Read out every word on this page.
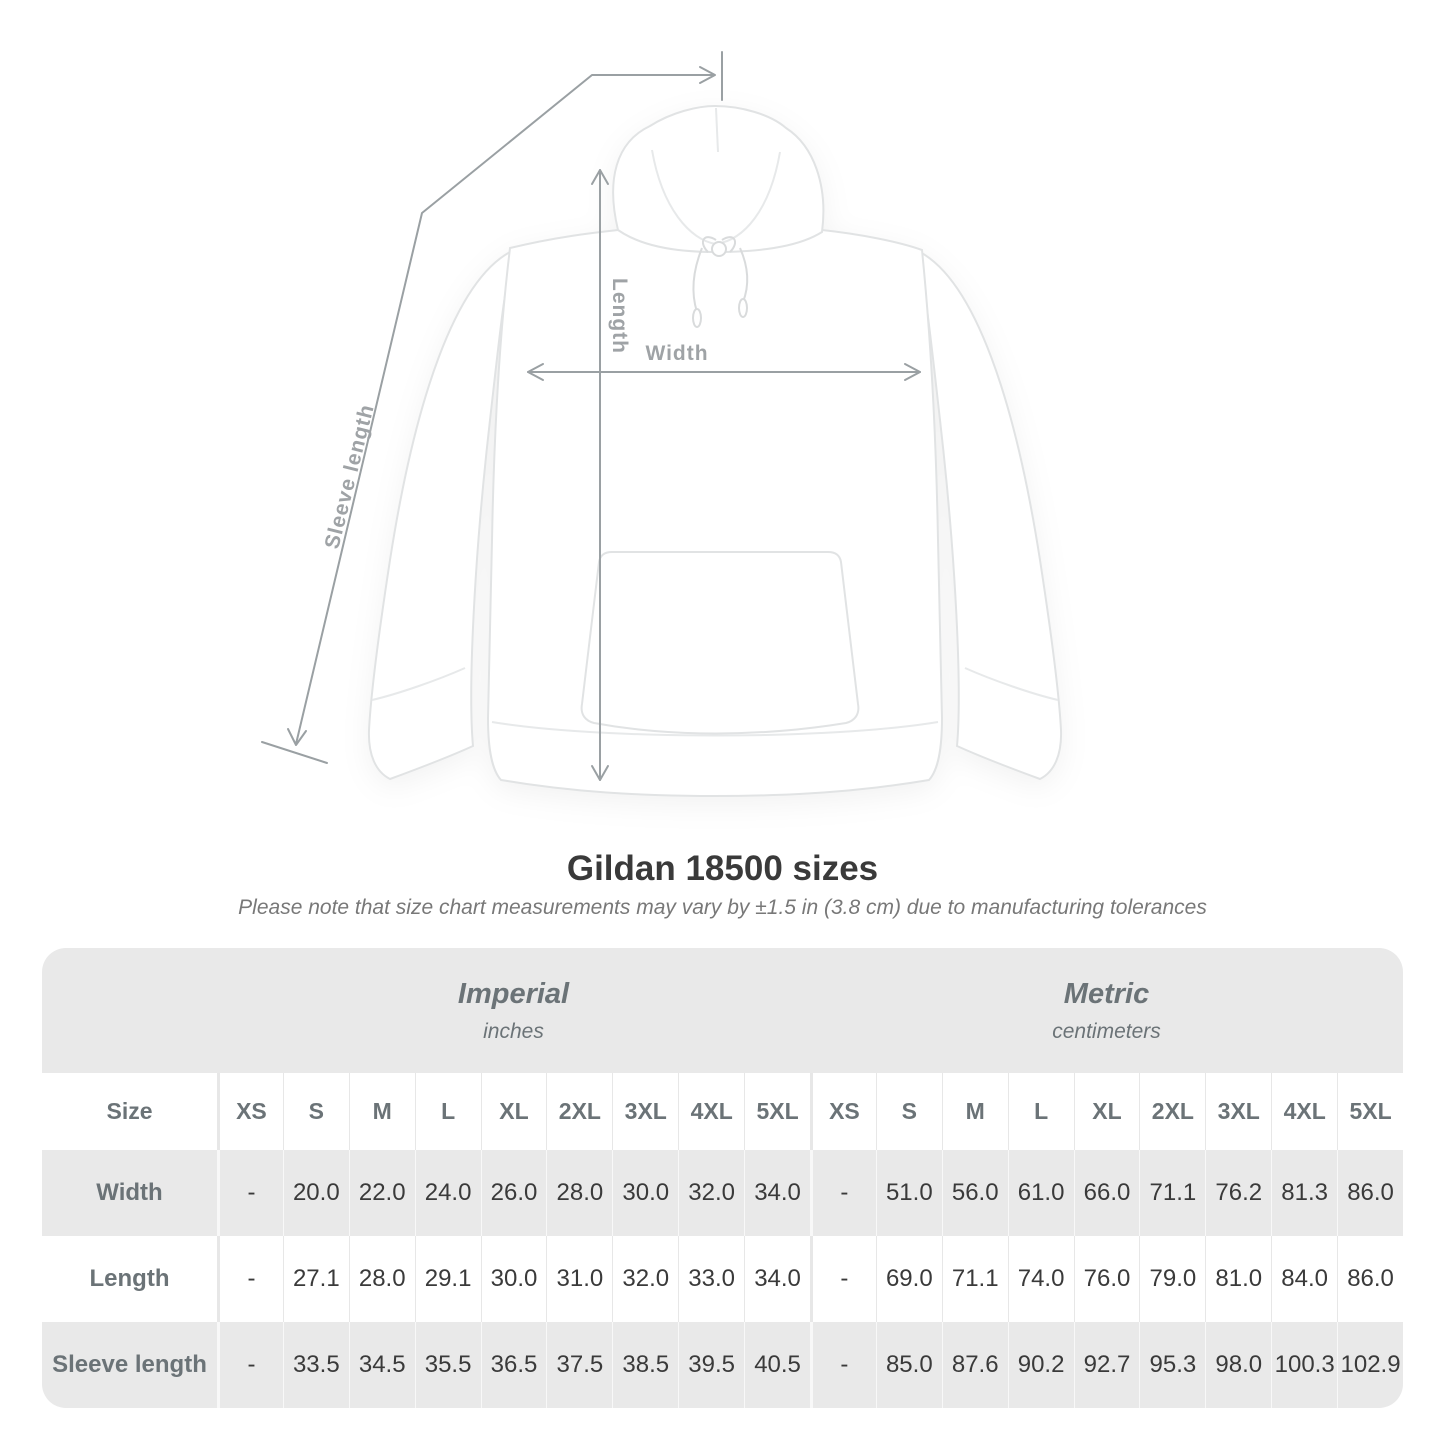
Sleeve length
Length Width
Gildan 18500 sizes
Please note that size chart measurements may vary by ±1.5 in (3.8 cm) due to manufacturing tolerances
Imperial
inches
Metric
centimeters
Size	XS	S	M	L	XL	2XL	3XL	4XL	5XL	XS	S	M	L	XL	2XL	3XL	4XL	5XL
Width	-	20.0 22.0 24.0 26.0 28.0 30.0 32.0 34.0	-	51.0 56.0 61.0 66.0 71.1 76.2 81.3 86.0
Length	-	27.1 28.0 29.1 30.0 31.0 32.0 33.0 34.0	-	69.0 71.1 74.0 76.0 79.0 81.0 84.0 86.0
Sleeve length	-	33.5 34.5 35.5 36.5 37.5 38.5 39.5 40.5	-	85.0 87.6 90.2 92.7 95.3 98.0 100.3 102.9
